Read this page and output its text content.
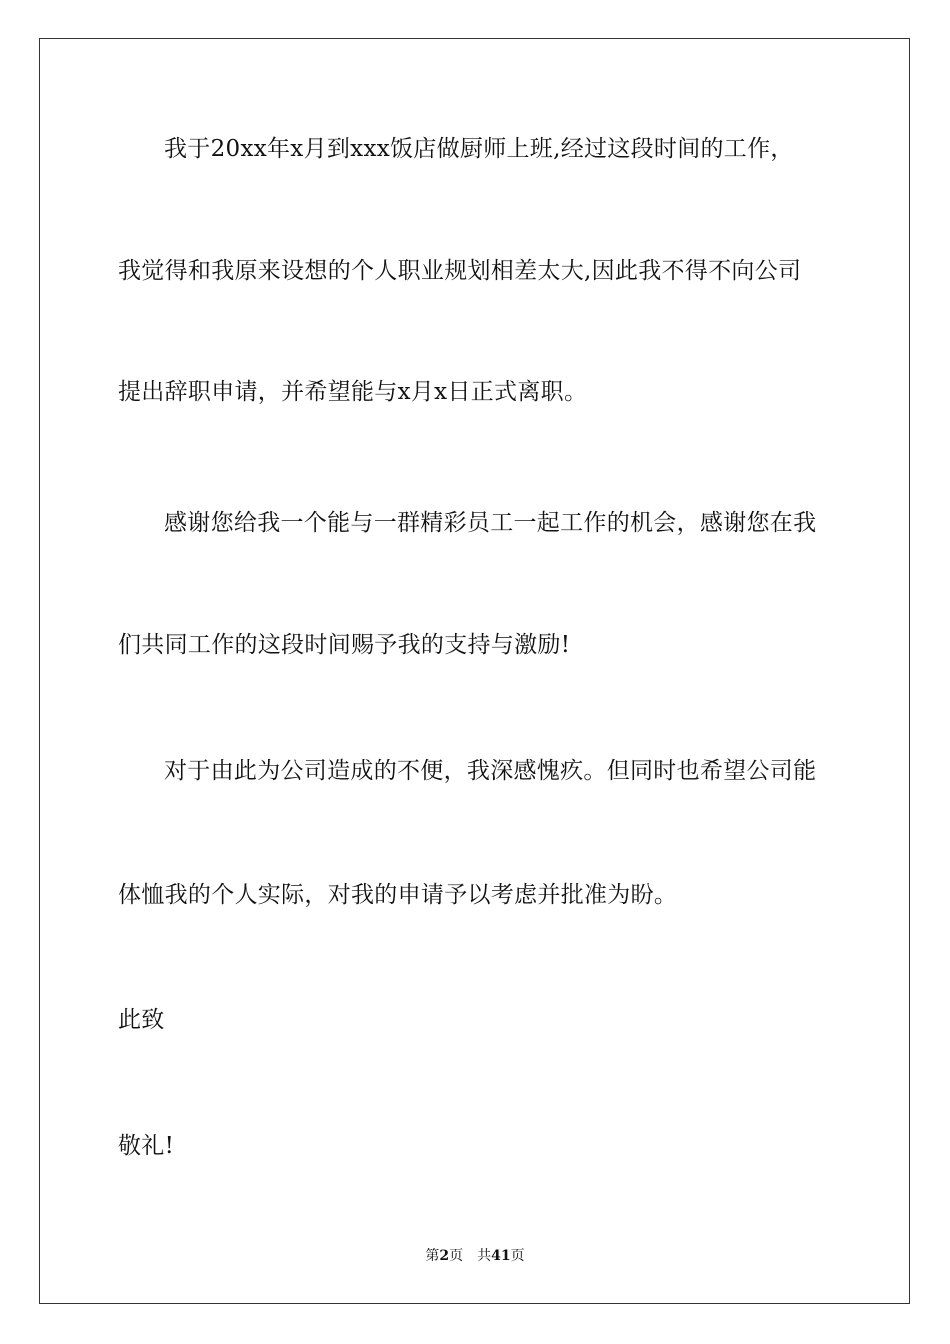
我于20xx年x月到xxx饭店做厨师上班,经过这段时间的工作，
我觉得和我原来设想的个人职业规划相差太大,因此我不得不向公司
提出辞职申请，并希望能与x月x日正式离职。
感谢您给我一个能与一群精彩员工一起工作的机会，感谢您在我
们共同工作的这段时间赐予我的支持与激励!
对于由此为公司造成的不便，我深感愧疚。但同时也希望公司能
体恤我的个人实际，对我的申请予以考虑并批准为盼。
此致
敬礼!
第2页 共41页
